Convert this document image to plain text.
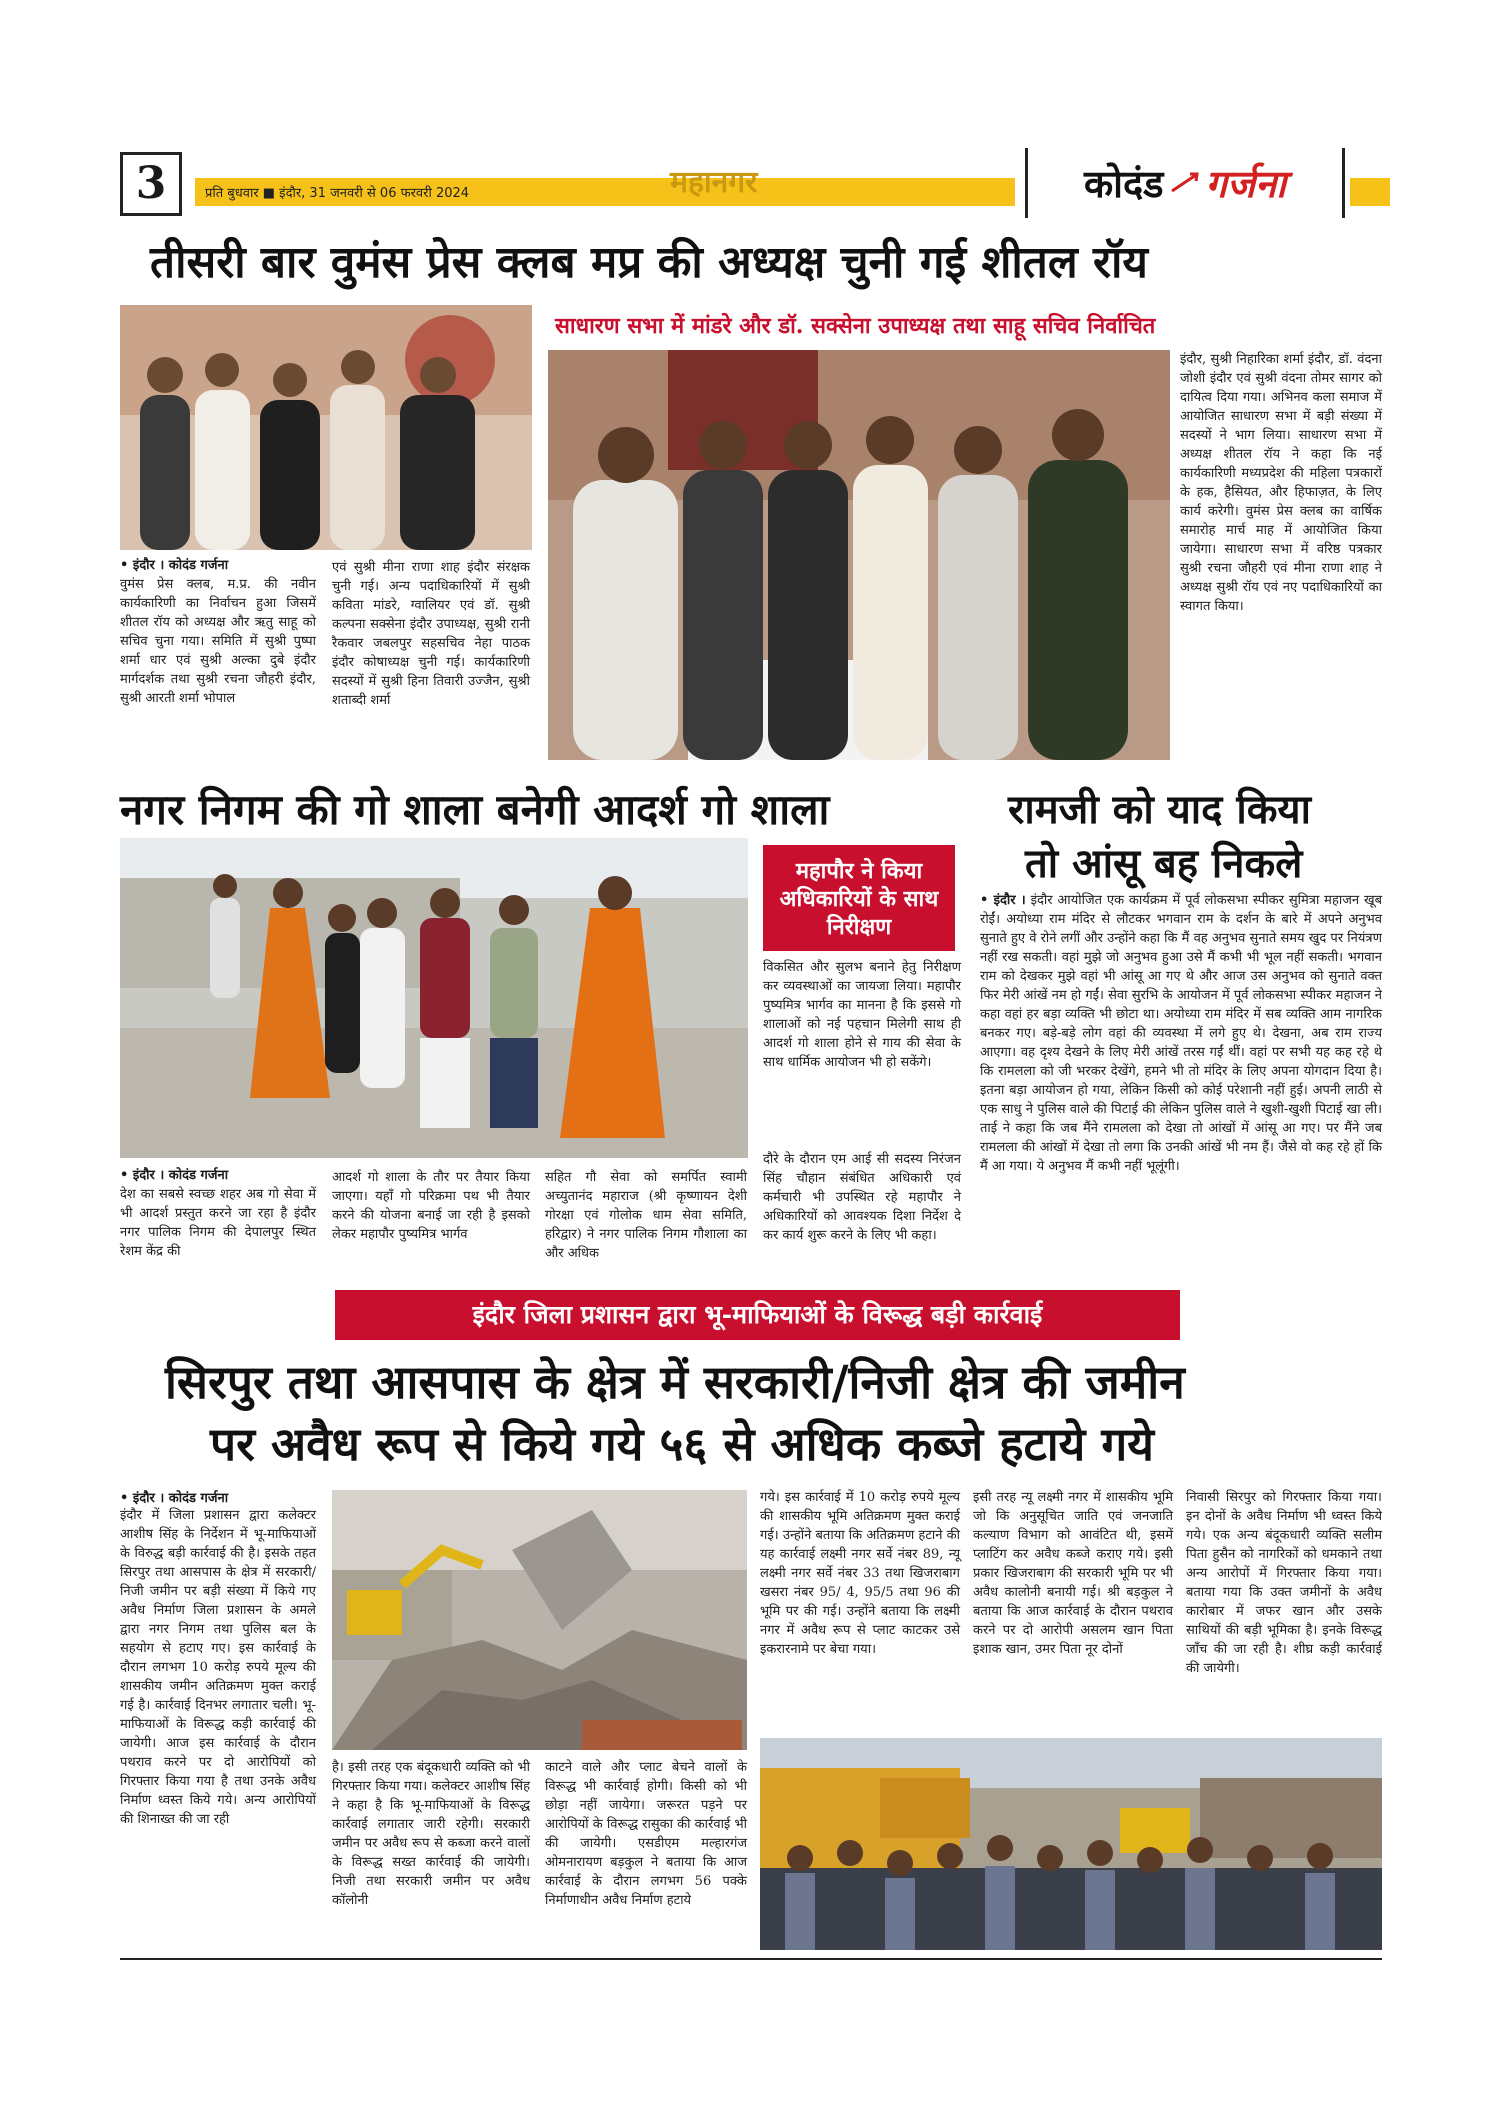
3	प्रति बुधवार ■ इंदौर, 31 जनवरी से 06 फरवरी 2024	महानगर	कोदंड गर्जना
तीसरी बार वुमंस प्रेस क्लब मप्र की अध्यक्ष चुनी गई शीतल रॉय
साधारण सभा में मांडरे और डॉ. सक्सेना उपाध्यक्ष तथा साहू सचिव निर्वाचित
• इंदौर । कोदंड गर्जना
वुमंस प्रेस क्लब, म.प्र. की नवीन कार्यकारिणी का निर्वाचन हुआ जिसमें शीतल रॉय को अध्यक्ष और ऋतु साहू को सचिव चुना गया। समिति में सुश्री पुष्पा शर्मा धार एवं सुश्री अल्का दुबे इंदौर मार्गदर्शक तथा सुश्री रचना जौहरी इंदौर, सुश्री आरती शर्मा भोपाल
एवं सुश्री मीना राणा शाह इंदौर संरक्षक चुनी गई। अन्य पदाधिकारियों में सुश्री कविता मांडरे, ग्वालियर एवं डॉ. सुश्री कल्पना सक्सेना इंदौर उपाध्यक्ष, सुश्री रानी रैकवार जबलपुर सहसचिव नेहा पाठक इंदौर कोषाध्यक्ष चुनी गई। कार्यकारिणी सदस्यों में सुश्री हिना तिवारी उज्जैन, सुश्री शताब्दी शर्मा
इंदौर, सुश्री निहारिका शर्मा इंदौर, डॉ. वंदना जोशी इंदौर एवं सुश्री वंदना तोमर सागर को दायित्व दिया गया। अभिनव कला समाज में आयोजित साधारण सभा में बड़ी संख्या में सदस्यों ने भाग लिया। साधारण सभा में अध्यक्ष शीतल रॉय ने कहा कि नई कार्यकारिणी मध्यप्रदेश की महिला पत्रकारों के हक, हैसियत, और हिफाज़त, के लिए कार्य करेगी। वुमंस प्रेस क्लब का वार्षिक समारोह मार्च माह में आयोजित किया जायेगा। साधारण सभा में वरिष्ठ पत्रकार सुश्री रचना जौहरी एवं मीना राणा शाह ने अध्यक्ष सुश्री रॉय एवं नए पदाधिकारियों का स्वागत किया।
नगर निगम की गो शाला बनेगी आदर्श गो शाला
महापौर ने किया अधिकारियों के साथ निरीक्षण
विकसित और सुलभ बनाने हेतु निरीक्षण कर व्यवस्थाओं का जायजा लिया। महापौर पुष्यमित्र भार्गव का मानना है कि इससे गो शालाओं को नई पहचान मिलेगी साथ ही आदर्श गो शाला होने से गाय की सेवा के साथ धार्मिक आयोजन भी हो सकेंगे।
• इंदौर । कोदंड गर्जना
देश का सबसे स्वच्छ शहर अब गो सेवा में भी आदर्श प्रस्तुत करने जा रहा है इंदौर नगर पालिक निगम की देपालपुर स्थित रेशम केंद्र की
आदर्श गो शाला के तौर पर तैयार किया जाएगा। यहाँ गो परिक्रमा पथ भी तैयार करने की योजना बनाई जा रही है इसको लेकर महापौर पुष्यमित्र भार्गव
सहित गौ सेवा को समर्पित स्वामी अच्युतानंद महाराज (श्री कृष्णायन देशी गोरक्षा एवं गोलोक धाम सेवा समिति, हरिद्वार) ने नगर पालिक निगम गौशाला का और अधिक
दौरे के दौरान एम आई सी सदस्य निरंजन सिंह चौहान संबंधित अधिकारी एवं कर्मचारी भी उपस्थित रहे महापौर ने अधिकारियों को आवश्यक दिशा निर्देश दे कर कार्य शुरू करने के लिए भी कहा।
रामजी को याद किया
तो आंसू बह निकले
• इंदौर । इंदौर आयोजित एक कार्यक्रम में पूर्व लोकसभा स्पीकर सुमित्रा महाजन खूब रोईं। अयोध्या राम मंदिर से लौटकर भगवान राम के दर्शन के बारे में अपने अनुभव सुनाते हुए वे रोने लगीं और उन्होंने कहा कि मैं वह अनुभव सुनाते समय खुद पर नियंत्रण नहीं रख सकती। वहां मुझे जो अनुभव हुआ उसे मैं कभी भी भूल नहीं सकती। भगवान राम को देखकर मुझे वहां भी आंसू आ गए थे और आज उस अनुभव को सुनाते वक्त फिर मेरी आंखें नम हो गईं। सेवा सुरभि के आयोजन में पूर्व लोकसभा स्पीकर महाजन ने कहा वहां हर बड़ा व्यक्ति भी छोटा था। अयोध्या राम मंदिर में सब व्यक्ति आम नागरिक बनकर गए। बड़े-बड़े लोग वहां की व्यवस्था में लगे हुए थे। देखना, अब राम राज्य आएगा। वह दृश्य देखने के लिए मेरी आंखें तरस गईं थीं। वहां पर सभी यह कह रहे थे कि रामलला को जी भरकर देखेंगे, हमने भी तो मंदिर के लिए अपना योगदान दिया है। इतना बड़ा आयोजन हो गया, लेकिन किसी को कोई परेशानी नहीं हुई। अपनी लाठी से एक साधु ने पुलिस वाले की पिटाई की लेकिन पुलिस वाले ने खुशी-खुशी पिटाई खा ली। ताई ने कहा कि जब मैंने रामलला को देखा तो आंखों में आंसू आ गए। पर मैंने जब रामलला की आंखों में देखा तो लगा कि उनकी आंखें भी नम हैं। जैसे वो कह रहे हों कि मैं आ गया। ये अनुभव मैं कभी नहीं भूलूंगी।
इंदौर जिला प्रशासन द्वारा भू-माफियाओं के विरूद्ध बड़ी कार्रवाई
सिरपुर तथा आसपास के क्षेत्र में सरकारी/निजी क्षेत्र की जमीन
पर अवैध रूप से किये गये ५६ से अधिक कब्जे हटाये गये
• इंदौर । कोदंड गर्जना
इंदौर में जिला प्रशासन द्वारा कलेक्टर आशीष सिंह के निर्देशन में भू-माफियाओं के विरुद्ध बड़ी कार्रवाई की है। इसके तहत सिरपुर तथा आसपास के क्षेत्र में सरकारी/ निजी जमीन पर बड़ी संख्या में किये गए अवैध निर्माण जिला प्रशासन के अमले द्वारा नगर निगम तथा पुलिस बल के सहयोग से हटाए गए। इस कार्रवाई के दौरान लगभग 10 करोड़ रुपये मूल्य की शासकीय जमीन अतिक्रमण मुक्त कराई गई है। कार्रवाई दिनभर लगातार चली। भू-माफियाओं के विरूद्ध कड़ी कार्रवाई की जायेगी। आज इस कार्रवाई के दौरान पथराव करने पर दो आरोपियों को गिरफ्तार किया गया है तथा उनके अवैध निर्माण ध्वस्त किये गये। अन्य आरोपियों की शिनाख्त की जा रही
है। इसी तरह एक बंदूकधारी व्यक्ति को भी गिरफ्तार किया गया। कलेक्टर आशीष सिंह ने कहा है कि भू-माफियाओं के विरूद्ध कार्रवाई लगातार जारी रहेगी। सरकारी जमीन पर अवैध रूप से कब्जा करने वालों के विरूद्ध सख्त कार्रवाई की जायेगी। निजी तथा सरकारी जमीन पर अवैध कॉलोनी
काटने वाले और प्लाट बेचने वालों के विरूद्ध भी कार्रवाई होगी। किसी को भी छोड़ा नहीं जायेगा। जरूरत पड़ने पर आरोपियों के विरूद्ध रासुका की कार्रवाई भी की जायेगी। एसडीएम मल्हारगंज ओमनारायण बड़कुल ने बताया कि आज कार्रवाई के दौरान लगभग 56 पक्के निर्माणाधीन अवैध निर्माण हटाये
गये। इस कार्रवाई में 10 करोड़ रुपये मूल्य की शासकीय भूमि अतिक्रमण मुक्त कराई गई। उन्होंने बताया कि अतिक्रमण हटाने की यह कार्रवाई लक्ष्मी नगर सर्वे नंबर 89, न्यू लक्ष्मी नगर सर्वे नंबर 33 तथा खिजराबाग खसरा नंबर 95/ 4, 95/5 तथा 96 की भूमि पर की गई। उन्होंने बताया कि लक्ष्मी नगर में अवैध रूप से प्लाट काटकर उसे इकरारनामे पर बेचा गया।
इसी तरह न्यू लक्ष्मी नगर में शासकीय भूमि जो कि अनुसूचित जाति एवं जनजाति कल्याण विभाग को आवंटित थी, इसमें प्लाटिंग कर अवैध कब्जे कराए गये। इसी प्रकार खिजराबाग की सरकारी भूमि पर भी अवैध कालोनी बनायी गई। श्री बड़कुल ने बताया कि आज कार्रवाई के दौरान पथराव करने पर दो आरोपी असलम खान पिता इशाक खान, उमर पिता नूर दोनों
निवासी सिरपुर को गिरफ्तार किया गया। इन दोनों के अवैध निर्माण भी ध्वस्त किये गये। एक अन्य बंदूकधारी व्यक्ति सलीम पिता हुसैन को नागरिकों को धमकाने तथा अन्य आरोपों में गिरफ्तार किया गया। बताया गया कि उक्त जमीनों के अवैध कारोबार में जफर खान और उसके साथियों की बड़ी भूमिका है। इनके विरूद्ध जाँच की जा रही है। शीघ्र कड़ी कार्रवाई की जायेगी।
